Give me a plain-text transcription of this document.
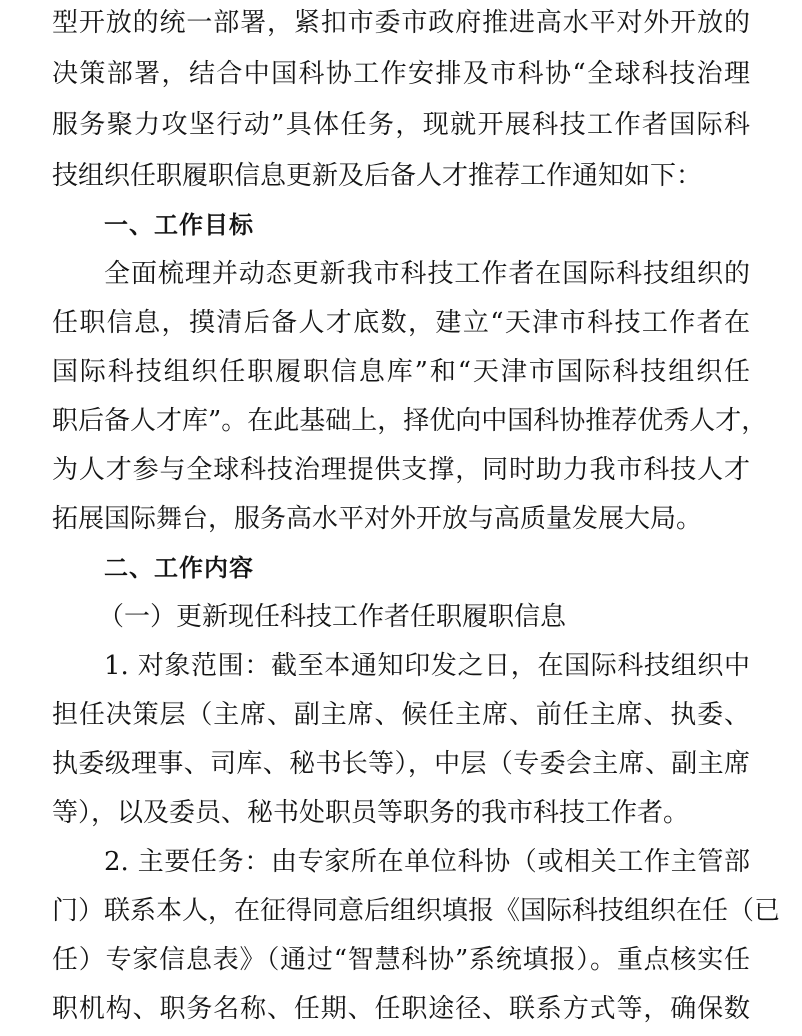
型开放的统一部署，紧扣市委市政府推进高水平对外开放的
决策部署，结合中国科协工作安排及市科协“全球科技治理
服务聚力攻坚行动”具体任务，现就开展科技工作者国际科
技组织任职履职信息更新及后备人才推荐工作通知如下：
一、工作目标
全面梳理并动态更新我市科技工作者在国际科技组织的
任职信息，摸清后备人才底数，建立“天津市科技工作者在
国际科技组织任职履职信息库”和“天津市国际科技组织任
职后备人才库”。在此基础上，择优向中国科协推荐优秀人才，
为人才参与全球科技治理提供支撑，同时助力我市科技人才
拓展国际舞台，服务高水平对外开放与高质量发展大局。
二、工作内容
（一）更新现任科技工作者任职履职信息
1. 对象范围：截至本通知印发之日，在国际科技组织中
担任决策层（主席、副主席、候任主席、前任主席、执委、
执委级理事、司库、秘书长等），中层（专委会主席、副主席
等），以及委员、秘书处职员等职务的我市科技工作者。
2. 主要任务：由专家所在单位科协（或相关工作主管部
门）联系本人，在征得同意后组织填报《国际科技组织在任（已
任）专家信息表》（通过“智慧科协”系统填报）。重点核实任
职机构、职务名称、任期、任职途径、联系方式等，确保数
